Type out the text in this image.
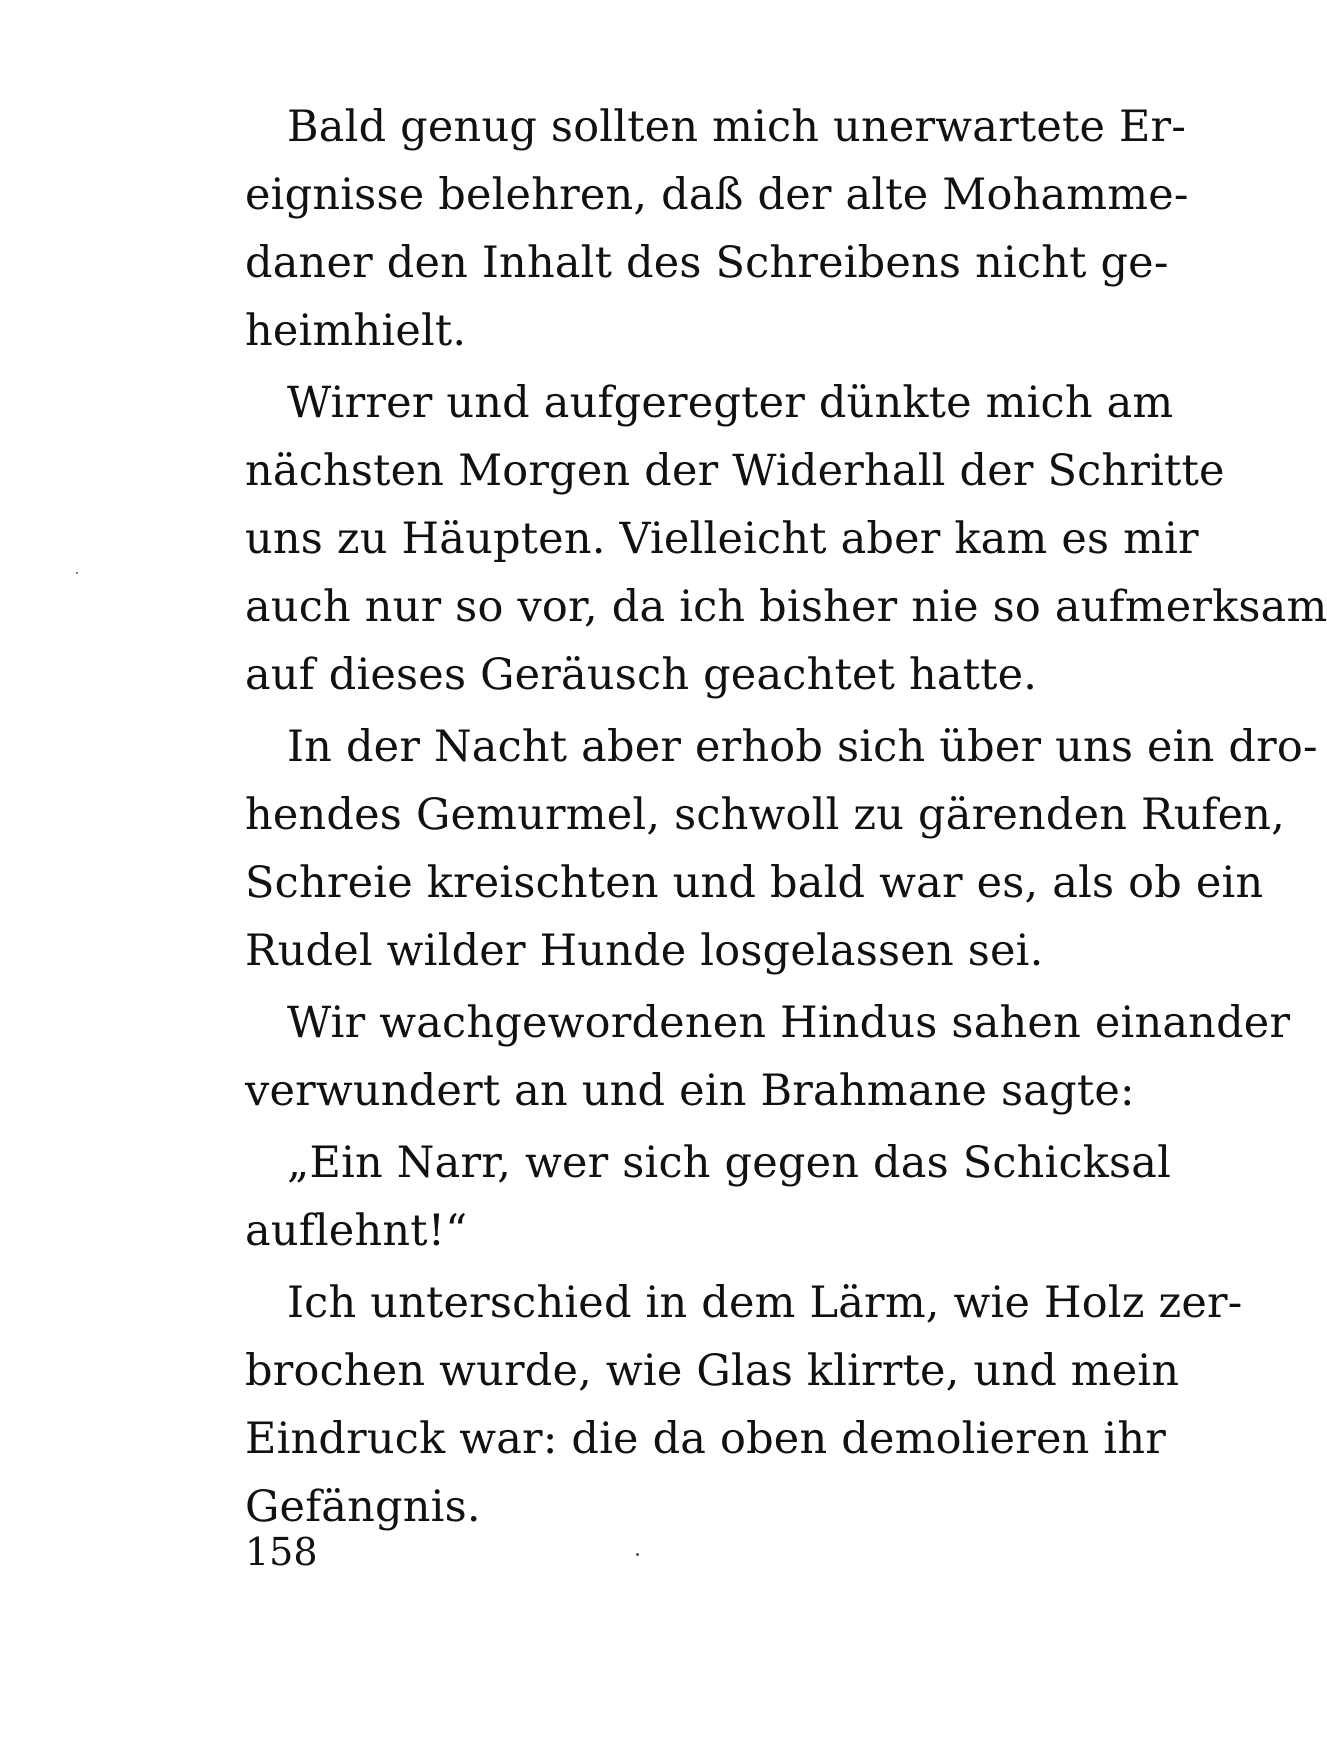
Bald genug sollten mich unerwartete Er-
eignisse belehren, daß der alte Mohamme-
daner den Inhalt des Schreibens nicht ge-
heimhielt.
Wirrer und aufgeregter dünkte mich am
nächsten Morgen der Widerhall der Schritte
uns zu Häupten. Vielleicht aber kam es mir
auch nur so vor, da ich bisher nie so aufmerksam
auf dieses Geräusch geachtet hatte.
In der Nacht aber erhob sich über uns ein dro-
hendes Gemurmel, schwoll zu gärenden Rufen,
Schreie kreischten und bald war es, als ob ein
Rudel wilder Hunde losgelassen sei.
Wir wachgewordenen Hindus sahen einander
verwundert an und ein Brahmane sagte:
„Ein Narr, wer sich gegen das Schicksal
auflehnt!“
Ich unterschied in dem Lärm, wie Holz zer-
brochen wurde, wie Glas klirrte, und mein
Eindruck war: die da oben demolieren ihr
Gefängnis.
158
